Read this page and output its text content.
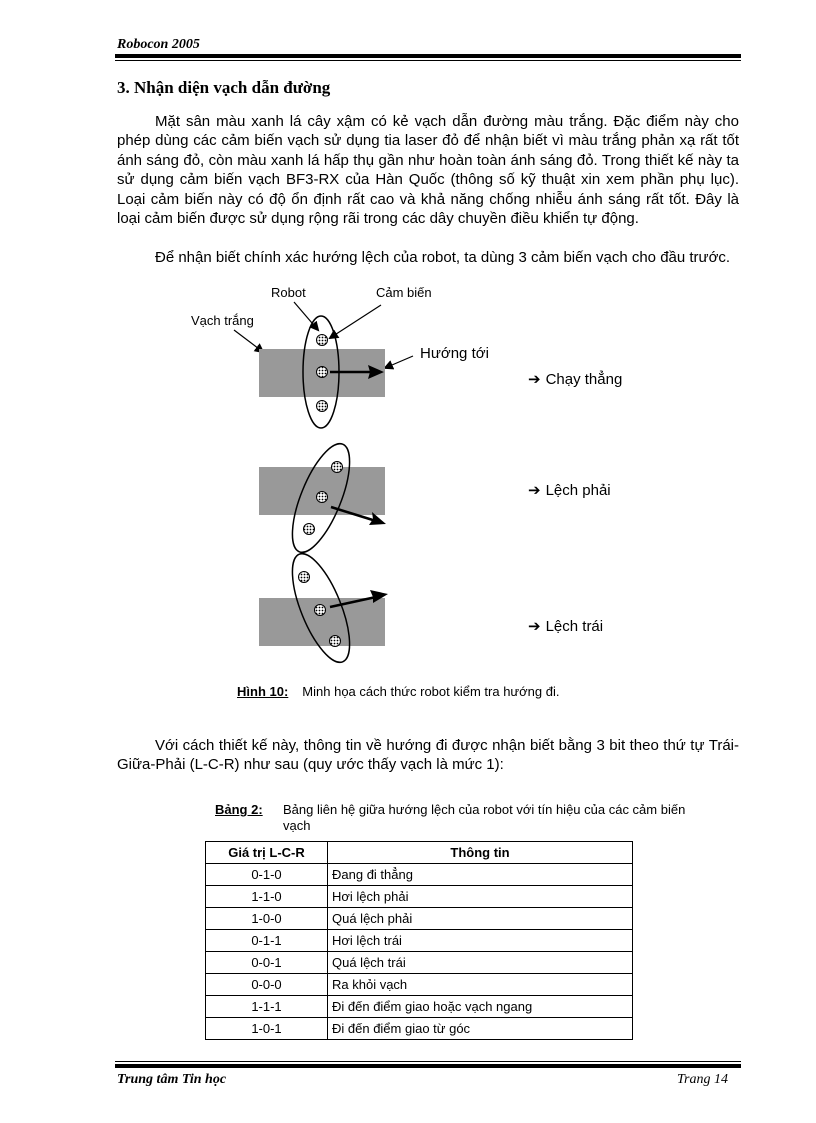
Robocon 2005
3. Nhận diện vạch dẫn đường

Mặt sân màu xanh lá cây xậm có kẻ vạch dẫn đường màu trắng. Đặc điểm này cho phép dùng các cảm biến vạch sử dụng tia laser đỏ để nhận biết vì màu trắng phản xạ rất tốt ánh sáng đỏ, còn màu xanh lá hấp thụ gần như hoàn toàn ánh sáng đỏ. Trong thiết kế này ta sử dụng cảm biến vạch BF3-RX của Hàn Quốc (thông số kỹ thuật xin xem phần phụ lục). Loại cảm biến này có độ ổn định rất cao và khả năng chống nhiễu ánh sáng rất tốt. Đây là loại cảm biến được sử dụng rộng rãi trong các dây chuyền điều khiển tự động.

Để nhận biết chính xác hướng lệch của robot, ta dùng 3 cảm biến vạch cho đầu trước.

Robot	Cảm biến
Vạch trắng
Hướng tới
➔ Chạy thẳng
➔ Lệch phải
➔ Lệch trái
Hình 10: Minh họa cách thức robot kiểm tra hướng đi.

Với cách thiết kế này, thông tin về hướng đi được nhận biết bằng 3 bit theo thứ tự Trái-Giữa-Phải (L-C-R) như sau (quy ước thấy vạch là mức 1):

Bảng 2: Bảng liên hệ giữa hướng lệch của robot với tín hiệu của các cảm biến vạch
Giá trị L-C-R	Thông tin
0-1-0	Đang đi thẳng
1-1-0	Hơi lệch phải
1-0-0	Quá lệch phải
0-1-1	Hơi lệch trái
0-0-1	Quá lệch trái
0-0-0	Ra khỏi vạch
1-1-1	Đi đến điểm giao hoặc vạch ngang
1-0-1	Đi đến điểm giao từ góc
Trung tâm Tin học	Trang 14
